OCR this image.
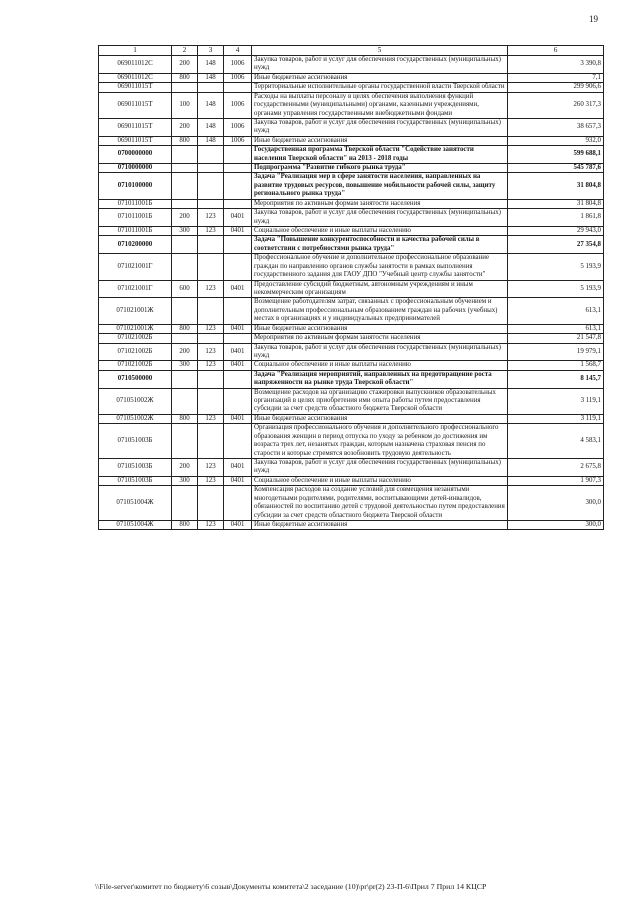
19
1	2	3	4	5	6
069011012С	200	148	1006	Закупка товаров, работ и услуг для обеспечения государственных (муниципальных) нужд	3 390,8
069011012С	800	148	1006	Иные бюджетные ассигнования	7,1
069011015Т				Территориальные исполнительные органы государственной власти Тверской области	299 906,6
069011015Т	100	148	1006	Расходы на выплаты персоналу в целях обеспечения выполнения функций государственными (муниципальными) органами, казенными учреждениями, органами управления государственными внебюджетными фондами	260 317,3
069011015Т	200	148	1006	Закупка товаров, работ и услуг для обеспечения государственных (муниципальных) нужд	38 657,3
069011015Т	800	148	1006	Иные бюджетные ассигнования	932,0
0700000000				Государственная программа Тверской области "Содействие занятости населения Тверской области" на 2013 - 2018 годы	599 688,1
0710000000				Подпрограмма "Развитие гибкого рынка труда"	545 787,6
0710100000				Задача "Реализация мер в сфере занятости населения, направленных на развитие трудовых ресурсов, повышение мобильности рабочей силы, защиту регионального рынка труда"	31 804,8
071011001Б				Мероприятия по активным формам занятости населения	31 804,8
071011001Б	200	123	0401	Закупка товаров, работ и услуг для обеспечения государственных (муниципальных) нужд	1 861,8
071011001Б	300	123	0401	Социальное обеспечение и иные выплаты населению	29 943,0
0710200000				Задача "Повышение конкурентоспособности и качества рабочей силы в соответствии с потребностями рынка труда"	27 354,8
071021001Г				Профессиональное обучение и дополнительное профессиональное образование граждан по направлению органов службы занятости в рамках выполнения государственного задания для ГАОУ ДПО "Учебный центр службы занятости"	5 193,9
071021001Г	600	123	0401	Предоставление субсидий бюджетным, автономным учреждениям и иным некоммерческим организациям	5 193,9
071021001Ж				Возмещение работодателям затрат, связанных с профессиональным обучением и дополнительным профессиональным образованием граждан на рабочих (учебных) местах в организациях и у индивидуальных предпринимателей	613,1
071021001Ж	800	123	0401	Иные бюджетные ассигнования	613,1
071021002Б				Мероприятия по активным формам занятости населения	21 547,8
071021002Б	200	123	0401	Закупка товаров, работ и услуг для обеспечения государственных (муниципальных) нужд	19 979,1
071021002Б	300	123	0401	Социальное обеспечение и иные выплаты населению	1 568,7
0710500000				Задача "Реализация мероприятий, направленных на предотвращение роста напряженности на рынке труда Тверской области"	8 145,7
071051002Ж				Возмещение расходов на организацию стажировки выпускников образовательных организаций в целях приобретения ими опыта работы путем предоставления субсидии за счет средств областного бюджета Тверской области	3 119,1
071051002Ж	800	123	0401	Иные бюджетные ассигнования	3 119,1
071051003Б				Организация профессионального обучения и дополнительного профессионального образования женщин в период отпуска по уходу за ребенком до достижения им возраста трех лет, незанятых граждан, которым назначена страховая пенсия по старости и которые стремятся возобновить трудовую деятельность	4 583,1
071051003Б	200	123	0401	Закупка товаров, работ и услуг для обеспечения государственных (муниципальных) нужд	2 675,8
071051003Б	300	123	0401	Социальное обеспечение и иные выплаты населению	1 907,3
071051004Ж				Компенсация расходов на создание условий для совмещения незанятыми многодетными родителями, родителями, воспитывающими детей-инвалидов, обязанностей по воспитанию детей с трудовой деятельностью путем предоставления субсидии за счет средств областного бюджета Тверской области	300,0
071051004Ж	800	123	0401	Иные бюджетные ассигнования	300,0
\\File-server\комитет по бюджету\6 созыв\Документы комитета\2 заседание (10)\pr\pr(2) 23-П-6\Прил 7 Прил 14 КЦСР
